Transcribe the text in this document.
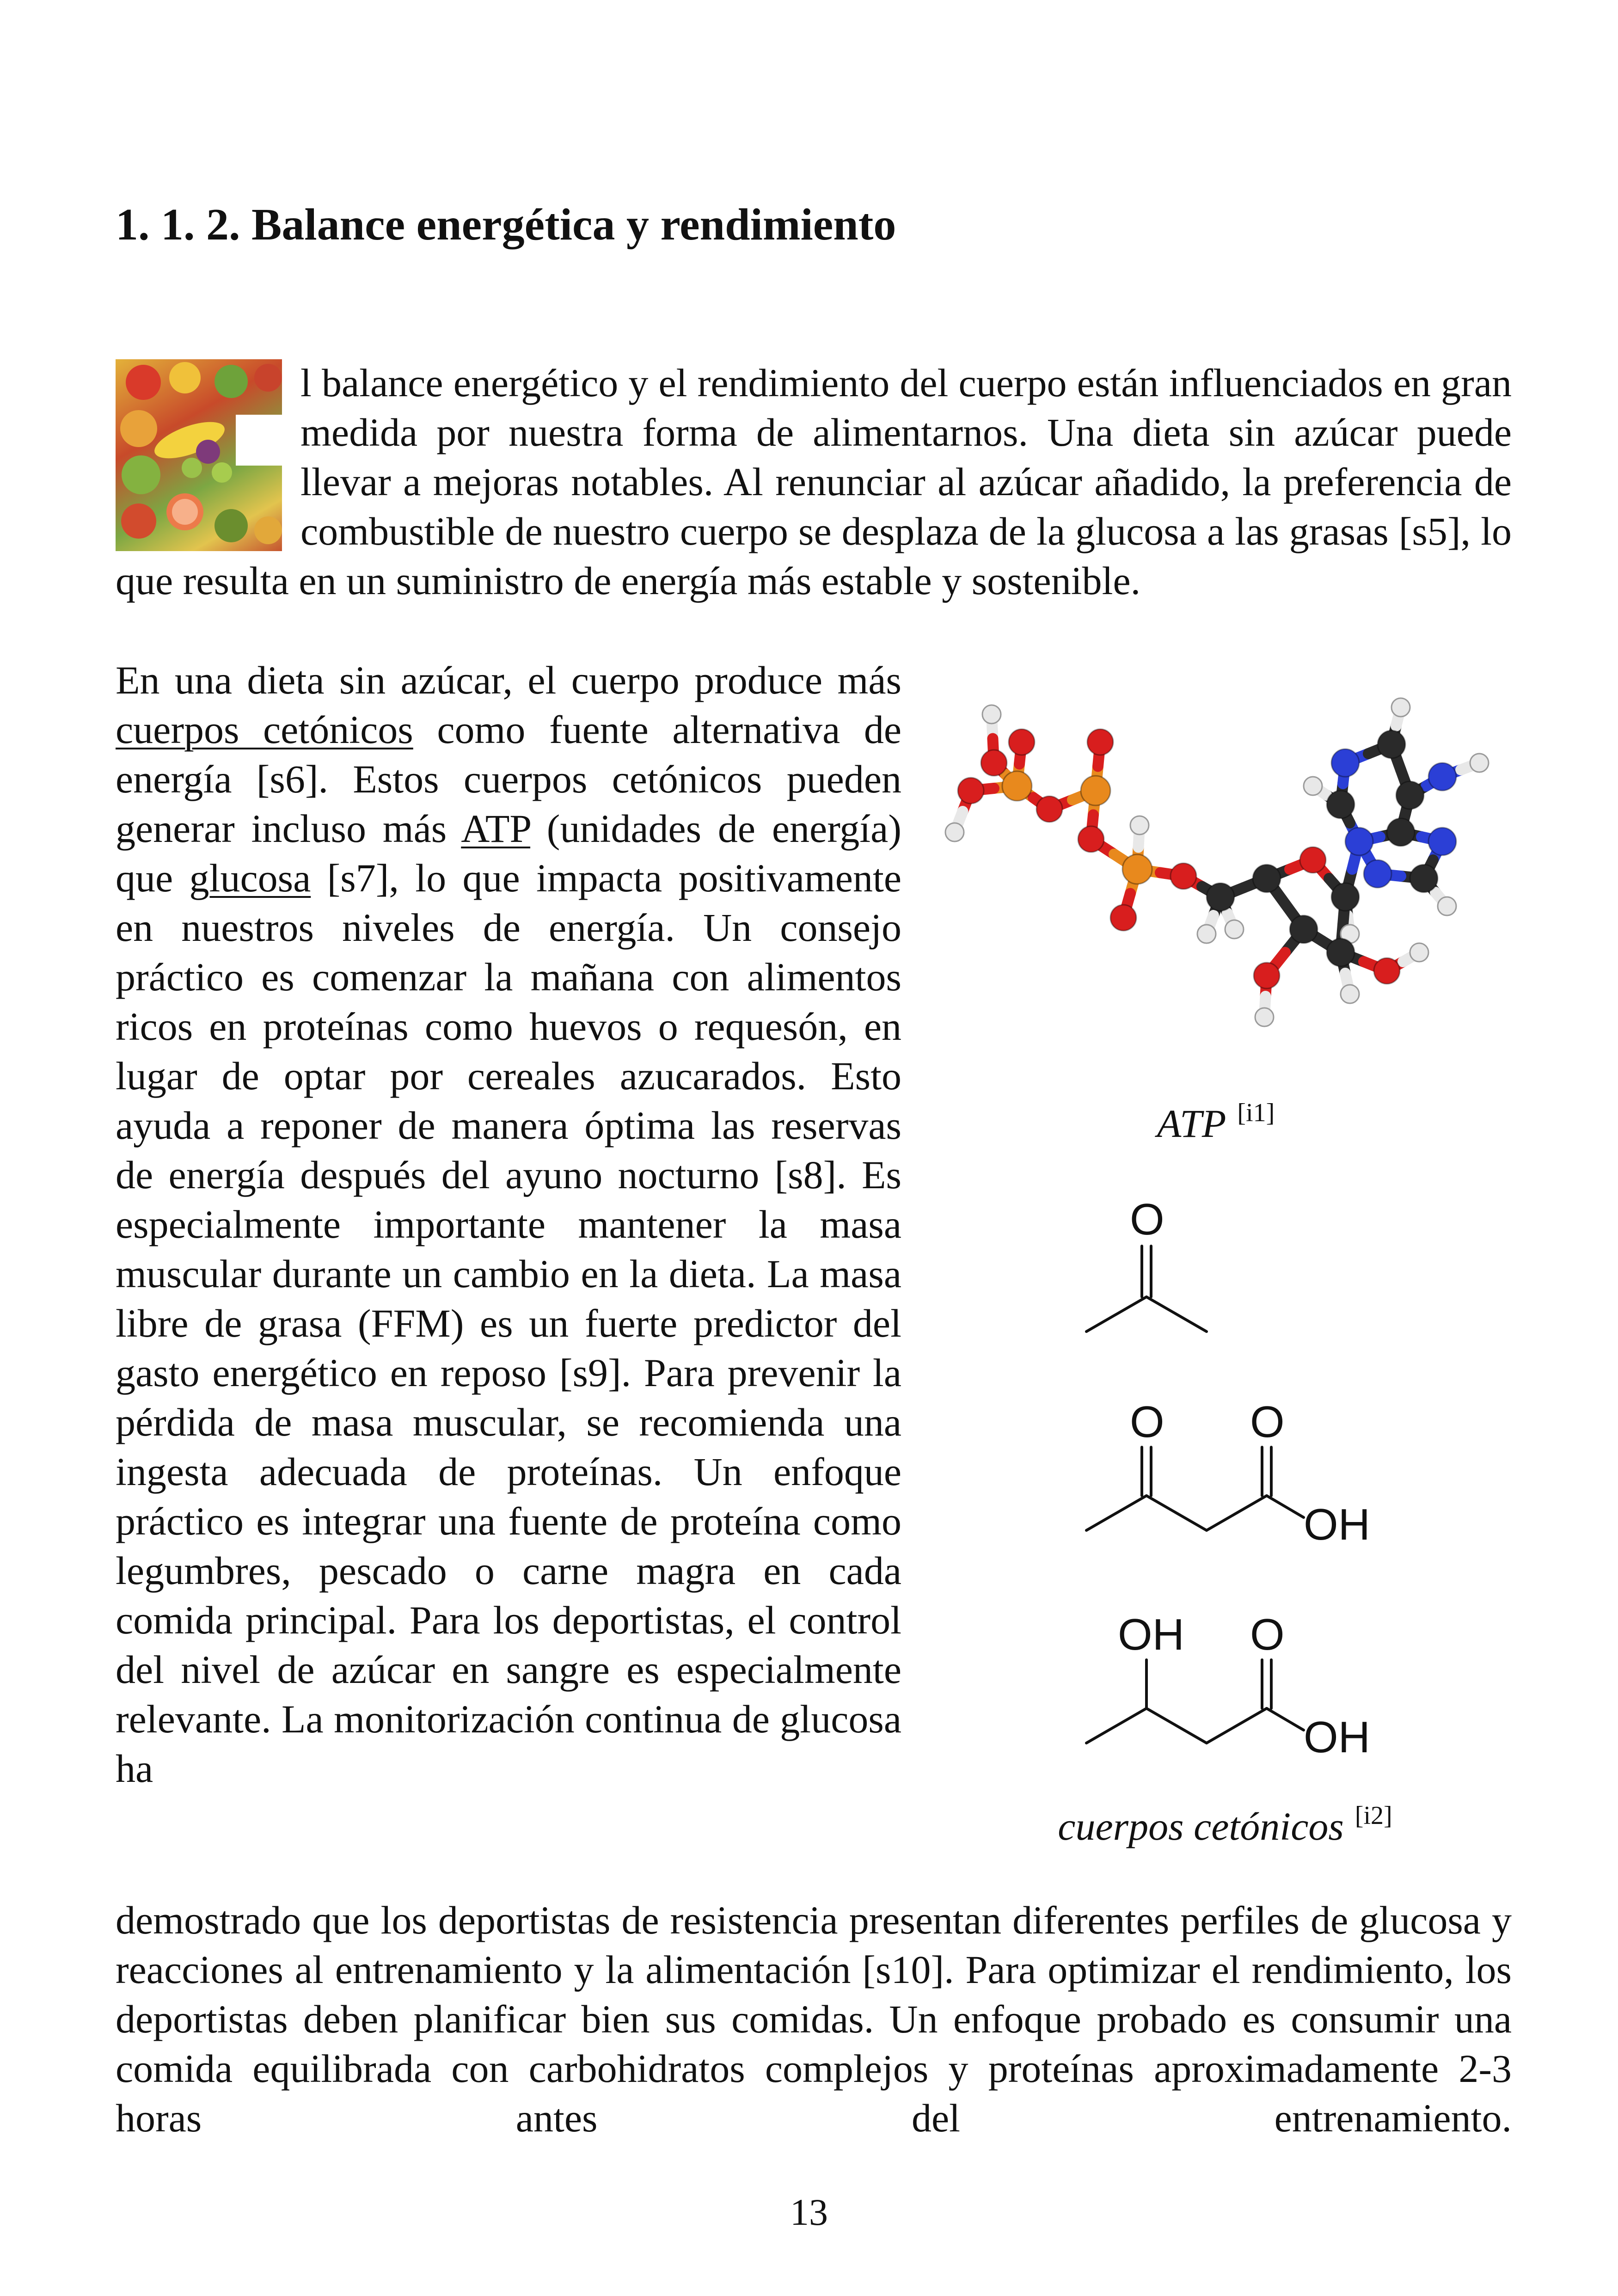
1. 1. 2. Balance energética y rendimiento

l balance energético y el rendimiento del cuerpo están influenciados en gran medida por nuestra forma de alimentarnos. Una dieta sin azúcar puede llevar a mejoras notables. Al renunciar al azúcar añadido, la preferencia de combustible de nuestro cuerpo se desplaza de la glucosa a las grasas [s5], lo que resulta en un suministro de energía más estable y sostenible.

En una dieta sin azúcar, el cuerpo produce más cuerpos cetónicos como fuente alternativa de energía [s6]. Estos cuerpos cetónicos pueden generar incluso más ATP (unidades de energía) que glucosa [s7], lo que impacta positivamente en nuestros niveles de energía. Un consejo práctico es comenzar la mañana con alimentos ricos en proteínas como huevos o requesón, en lugar de optar por cereales azucarados. Esto ayuda a reponer de manera óptima las reservas de energía después del ayuno nocturno [s8]. Es especialmente importante mantener la masa muscular durante un cambio en la dieta. La masa libre de grasa (FFM) es un fuerte predictor del gasto energético en reposo [s9]. Para prevenir la pérdida de masa muscular, se recomienda una ingesta adecuada de proteínas. Un enfoque práctico es integrar una fuente de proteína como legumbres, pescado o carne magra en cada comida principal. Para los deportistas, el control del nivel de azúcar en sangre es especialmente relevante. La monitorización continua de glucosa ha

ATP [i1]
O
O O
OH
OH O
OH
cuerpos cetónicos [i2]

demostrado que los deportistas de resistencia presentan diferentes perfiles de glucosa y reacciones al entrenamiento y la alimentación [s10]. Para optimizar el rendimiento, los deportistas deben planificar bien sus comidas. Un enfoque probado es consumir una comida equilibrada con carbohidratos complejos y proteínas aproximadamente 2-3 horas antes del entrenamiento.

13
